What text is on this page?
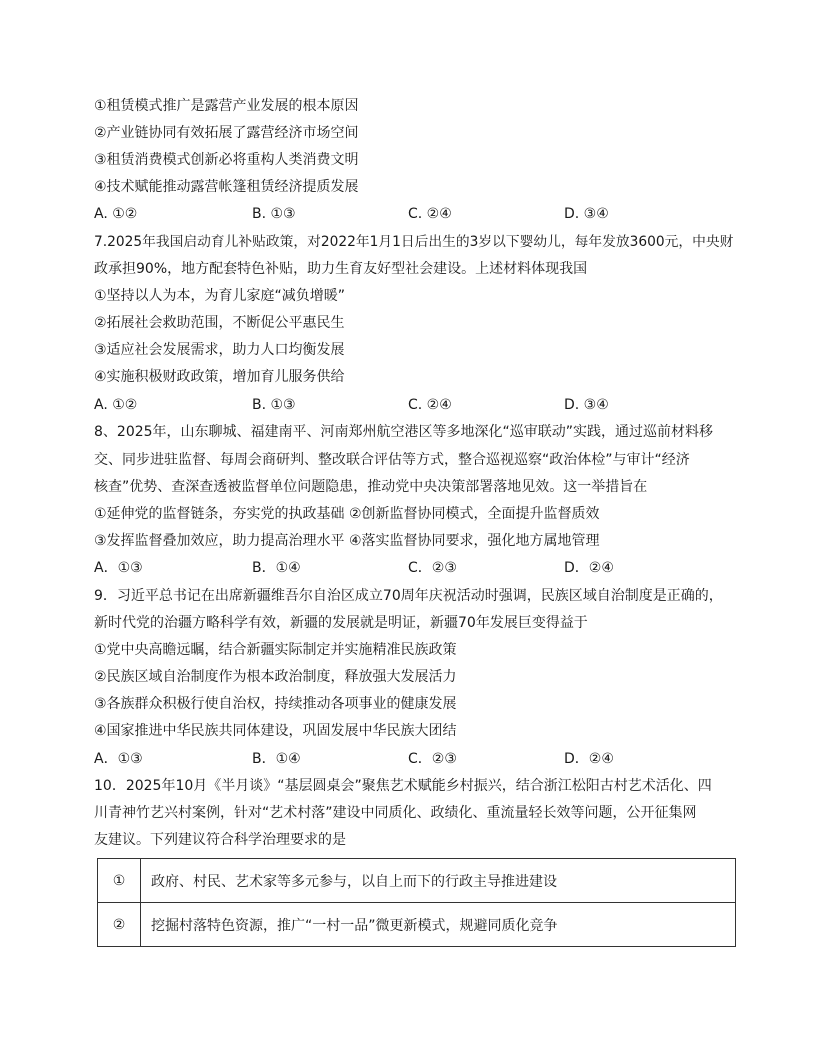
①租赁模式推广是露营产业发展的根本原因
②产业链协同有效拓展了露营经济市场空间
③租赁消费模式创新必将重构人类消费文明
④技术赋能推动露营帐篷租赁经济提质发展
A. ①②	B. ①③	C. ②④	D. ③④
7.2025年我国启动育儿补贴政策，对2022年1月1日后出生的3岁以下婴幼儿，每年发放3600元，中央财
政承担90%，地方配套特色补贴，助力生育友好型社会建设。上述材料体现我国
①坚持以人为本，为育儿家庭“减负增暖”
②拓展社会救助范围，不断促公平惠民生
③适应社会发展需求，助力人口均衡发展
④实施积极财政政策，增加育儿服务供给
A. ①②	B. ①③	C. ②④	D. ③④
8、2025年，山东聊城、福建南平、河南郑州航空港区等多地深化“巡审联动”实践，通过巡前材料移
交、同步进驻监督、每周会商研判、整改联合评估等方式，整合巡视巡察“政治体检”与审计“经济
核查”优势、查深查透被监督单位问题隐患，推动党中央决策部署落地见效。这一举措旨在
①延伸党的监督链条，夯实党的执政基础 ②创新监督协同模式，全面提升监督质效
③发挥监督叠加效应，助力提高治理水平 ④落实监督协同要求，强化地方属地管理
A．①③	B．①④	C．②③	D．②④
9．习近平总书记在出席新疆维吾尔自治区成立70周年庆祝活动时强调，民族区域自治制度是正确的，
新时代党的治疆方略科学有效，新疆的发展就是明证，新疆70年发展巨变得益于
①党中央高瞻远瞩，结合新疆实际制定并实施精准民族政策
②民族区域自治制度作为根本政治制度，释放强大发展活力
③各族群众积极行使自治权，持续推动各项事业的健康发展
④国家推进中华民族共同体建设，巩固发展中华民族大团结
A．①③	B．①④	C．②③	D．②④
10．2025年10月《半月谈》“基层圆桌会”聚焦艺术赋能乡村振兴，结合浙江松阳古村艺术活化、四
川青神竹艺兴村案例，针对“艺术村落”建设中同质化、政绩化、重流量轻长效等问题，公开征集网
友建议。下列建议符合科学治理要求的是
①	政府、村民、艺术家等多元参与，以自上而下的行政主导推进建设
②	挖掘村落特色资源，推广“一村一品”微更新模式，规避同质化竞争
